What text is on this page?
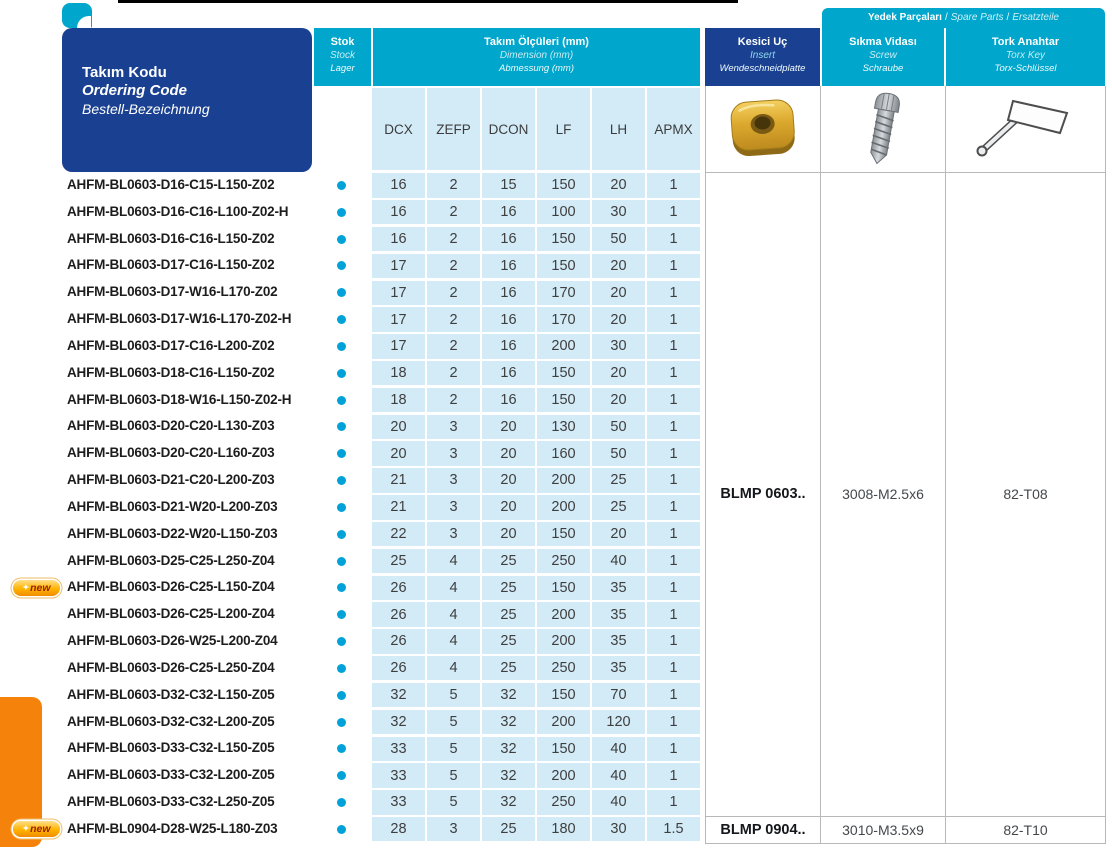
Takım Kodu
Ordering Code
Bestell-Bezeichnung
Stok
Stock
Lager
Takım Ölçüleri (mm)
Dimension (mm)
Abmessung (mm)
Kesici Uç
Insert
Wendeschneidplatte
Yedek Parçaları / Spare Parts / Ersatzteile
Sıkma Vidası
Screw
Schraube
Tork Anahtar
Torx Key
Torx-Schlüssel
DCX	ZEFP	DCON	LF	LH	APMX
BLMP 0603..	3008-M2.5x6	82-T08
BLMP 0904..	3010-M3.5x9	82-T10
AHFM-BL0603-D16-C15-L150-Z02	16	2	15	150	20	1
AHFM-BL0603-D16-C16-L100-Z02-H	16	2	16	100	30	1
AHFM-BL0603-D16-C16-L150-Z02	16	2	16	150	50	1
AHFM-BL0603-D17-C16-L150-Z02	17	2	16	150	20	1
AHFM-BL0603-D17-W16-L170-Z02	17	2	16	170	20	1
AHFM-BL0603-D17-W16-L170-Z02-H	17	2	16	170	20	1
AHFM-BL0603-D17-C16-L200-Z02	17	2	16	200	30	1
AHFM-BL0603-D18-C16-L150-Z02	18	2	16	150	20	1
AHFM-BL0603-D18-W16-L150-Z02-H	18	2	16	150	20	1
AHFM-BL0603-D20-C20-L130-Z03	20	3	20	130	50	1
AHFM-BL0603-D20-C20-L160-Z03	20	3	20	160	50	1
AHFM-BL0603-D21-C20-L200-Z03	21	3	20	200	25	1
AHFM-BL0603-D21-W20-L200-Z03	21	3	20	200	25	1
AHFM-BL0603-D22-W20-L150-Z03	22	3	20	150	20	1
AHFM-BL0603-D25-C25-L250-Z04	25	4	25	250	40	1
✦new	AHFM-BL0603-D26-C25-L150-Z04	26	4	25	150	35	1
AHFM-BL0603-D26-C25-L200-Z04	26	4	25	200	35	1
AHFM-BL0603-D26-W25-L200-Z04	26	4	25	200	35	1
AHFM-BL0603-D26-C25-L250-Z04	26	4	25	250	35	1
AHFM-BL0603-D32-C32-L150-Z05	32	5	32	150	70	1
AHFM-BL0603-D32-C32-L200-Z05	32	5	32	200	120	1
AHFM-BL0603-D33-C32-L150-Z05	33	5	32	150	40	1
AHFM-BL0603-D33-C32-L200-Z05	33	5	32	200	40	1
AHFM-BL0603-D33-C32-L250-Z05	33	5	32	250	40	1
✦new	AHFM-BL0904-D28-W25-L180-Z03	28	3	25	180	30	1.5
